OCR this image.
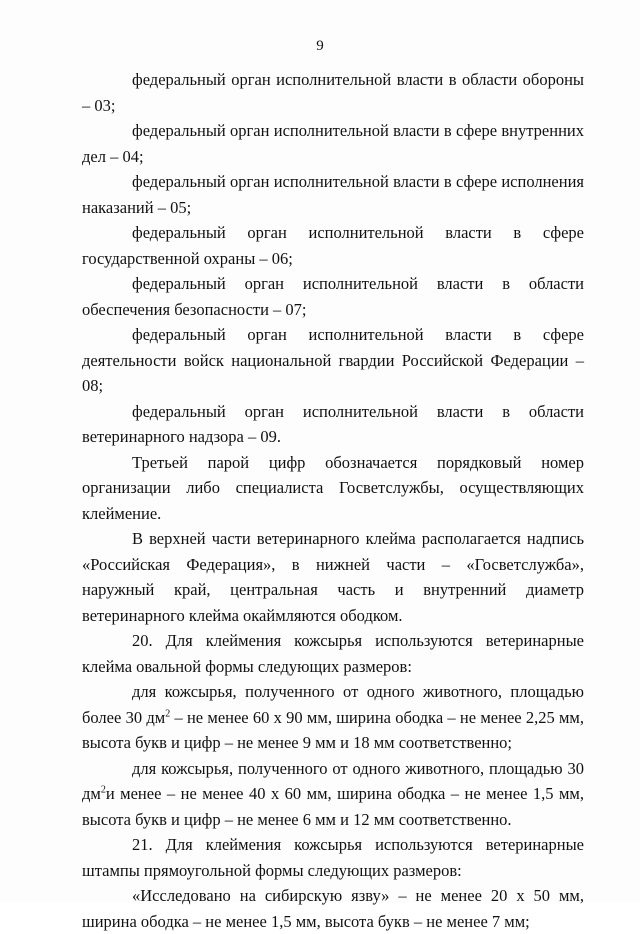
9

федеральный орган исполнительной власти в области обороны – 03;

федеральный орган исполнительной власти в сфере внутренних дел – 04;

федеральный орган исполнительной власти в сфере исполнения наказаний – 05;

федеральный орган исполнительной власти в сфере государственной охраны – 06;

федеральный орган исполнительной власти в области обеспечения безопасности – 07;

федеральный орган исполнительной власти в сфере деятельности войск национальной гвардии Российской Федерации – 08;

федеральный орган исполнительной власти в области ветеринарного надзора – 09.

Третьей парой цифр обозначается порядковый номер организации либо специалиста Госветслужбы, осуществляющих клеймение.

В верхней части ветеринарного клейма располагается надпись «Российская Федерация», в нижней части – «Госветслужба», наружный край, центральная часть и внутренний диаметр ветеринарного клейма окаймляются ободком.

20. Для клеймения кожсырья используются ветеринарные клейма овальной формы следующих размеров:

для кожсырья, полученного от одного животного, площадью более 30 $дм^2$ – не менее 60 х 90 мм, ширина ободка – не менее 2,25 мм, высота букв и цифр – не менее 9 мм и 18 мм соответственно;

для кожсырья, полученного от одного животного, площадью 30 $дм^2и$ менее – не менее 40 х 60 мм, ширина ободка – не менее 1,5 мм, высота букв и цифр – не менее 6 мм и 12 мм соответственно.

21. Для клеймения кожсырья используются ветеринарные штампы прямоугольной формы следующих размеров:

«Исследовано на сибирскую язву» – не менее 20 х 50 мм, ширина ободка – не менее 1,5 мм, высота букв – не менее 7 мм;
